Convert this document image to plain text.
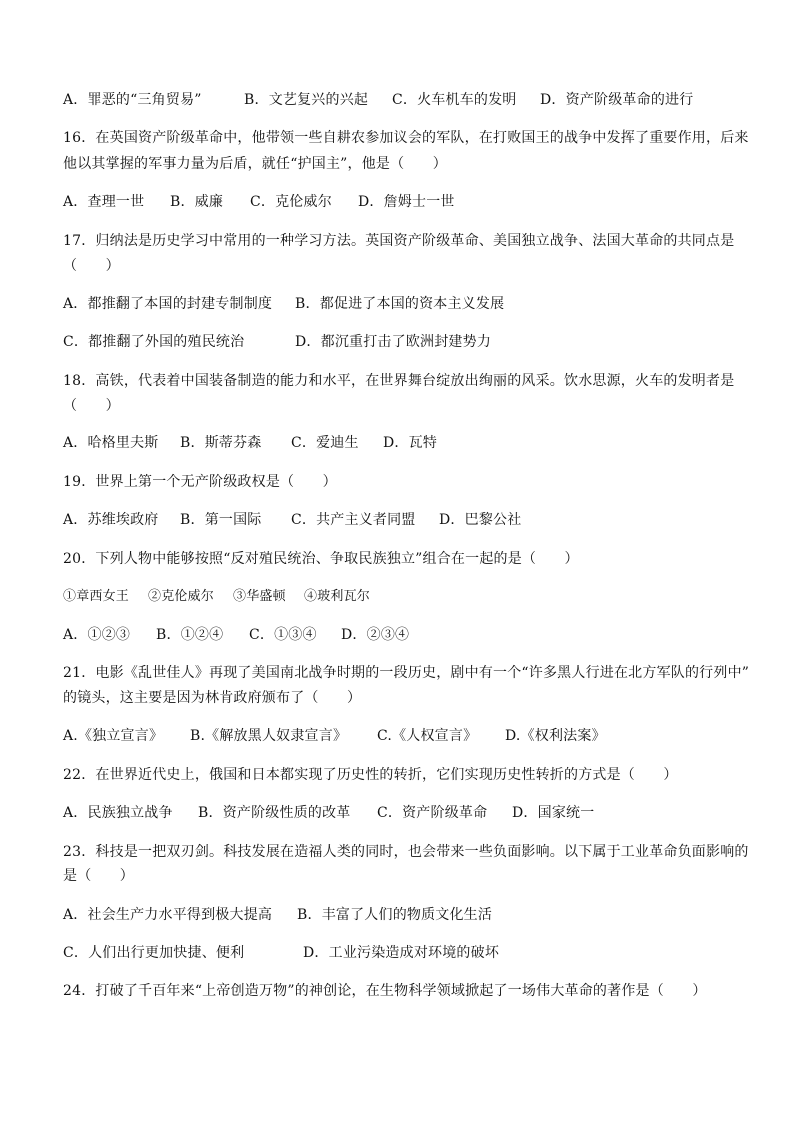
A．罪恶的“三角贸易”	B．文艺复兴的兴起 C．火车机车的发明 D．资产阶级革命的进行
16．在英国资产阶级革命中，他带领一些自耕农参加议会的军队，在打败国王的战争中发挥了重要作用，后来
他以其掌握的军事力量为后盾，就任“护国主”，他是（　　）
A．查理一世 B．威廉 C．克伦威尔 D．詹姆士一世
17．归纳法是历史学习中常用的一种学习方法。英国资产阶级革命、美国独立战争、法国大革命的共同点是
（　　）
A．都推翻了本国的封建专制制度 B．都促进了本国的资本主义发展
C．都推翻了外国的殖民统治	D．都沉重打击了欧洲封建势力
18．高铁，代表着中国装备制造的能力和水平，在世界舞台绽放出绚丽的风采。饮水思源，火车的发明者是
（　　）
A．哈格里夫斯 B．斯蒂芬森 C．爱迪生 D．瓦特
19．世界上第一个无产阶级政权是（　　）
A．苏维埃政府 B．第一国际 C．共产主义者同盟 D．巴黎公社
20．下列人物中能够按照“反对殖民统治、争取民族独立”组合在一起的是（　　）
①章西女王 ②克伦威尔 ③华盛顿 ④玻利瓦尔
A．①②③ B．①②④ C．①③④ D．②③④
21．电影《乱世佳人》再现了美国南北战争时期的一段历史，剧中有一个“许多黑人行进在北方军队的行列中”
的镜头，这主要是因为林肯政府颁布了（　　）
A.《独立宣言》 B.《解放黑人奴隶宣言》 C.《人权宣言》 D.《权利法案》
22．在世界近代史上，俄国和日本都实现了历史性的转折，它们实现历史性转折的方式是（　　）
A．民族独立战争 B．资产阶级性质的改革 C．资产阶级革命 D．国家统一
23．科技是一把双刃剑。科技发展在造福人类的同时，也会带来一些负面影响。以下属于工业革命负面影响的
是（　　）
A．社会生产力水平得到极大提高 B．丰富了人们的物质文化生活
C．人们出行更加快捷、便利	D．工业污染造成对环境的破坏
24．打破了千百年来“上帝创造万物”的神创论，在生物科学领域掀起了一场伟大革命的著作是（　　）
